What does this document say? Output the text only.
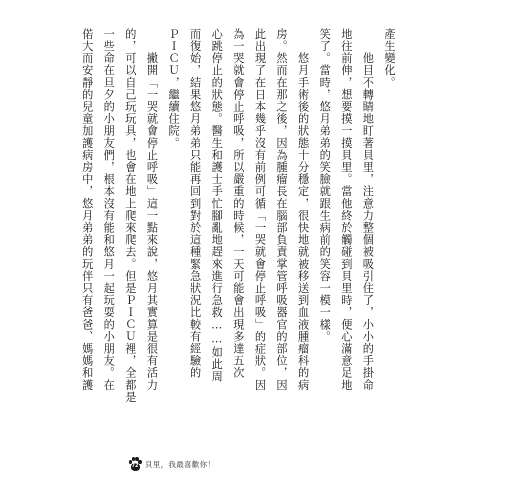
產生變化。

　　他目不轉睛地盯著貝里，注意力整個被吸引住了，小小的手掛命

地往前伸，想要摸一摸貝里。當他終於觸碰到貝里時，便心滿意足地

笑了。當時，悠月弟弟的笑臉就跟生病前的笑容一模一樣。

　　悠月手術後的狀態十分穩定，很快地就被移送到血液腫瘤科的病

房。然而在那之後，因為腫瘤長在腦部負責掌管呼吸器官的部位，因

此出現了在日本幾乎沒有前例可循「一哭就會停止呼吸」的症狀。因

為一哭就會停止呼吸，所以嚴重的時候，一天可能會出現多達五次

心跳停止的狀態。醫生和護士手忙腳亂地趕來進行急救……如此周

而復始，結果悠月弟弟只能再回到對於這種緊急狀況比較有經驗的

ＰＩＣＵ，繼續住院。

　　撇開「一哭就會停止呼吸」這一點來說，悠月其實算是很有活力

的，可以自己玩玩具，也會在地上爬來爬去。但是ＰＩＣＵ裡，全都是

一些命在旦夕的小朋友們，根本沒有能和悠月一起玩耍的小朋友。在

偌大而安靜的兒童加護病房中，悠月弟弟的玩伴只有爸爸、媽媽和護

72 貝里，我最喜歡你！
